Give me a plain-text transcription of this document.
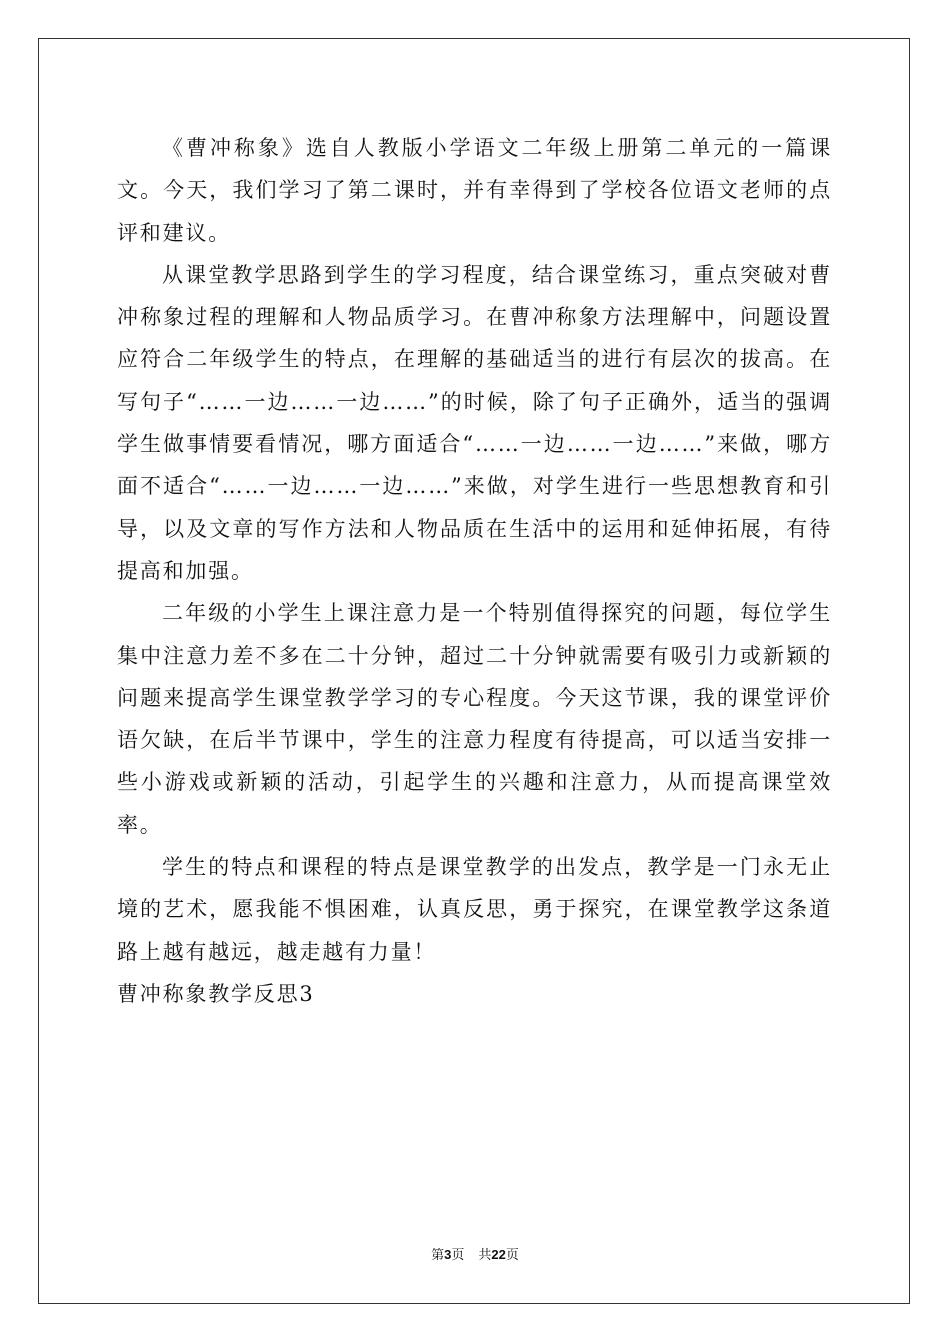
《曹冲称象》选自人教版小学语文二年级上册第二单元的一篇课文。今天，我们学习了第二课时，并有幸得到了学校各位语文老师的点评和建议。

从课堂教学思路到学生的学习程度，结合课堂练习，重点突破对曹冲称象过程的理解和人物品质学习。在曹冲称象方法理解中，问题设置应符合二年级学生的特点，在理解的基础适当的进行有层次的拔高。在写句子“……一边……一边……”的时候，除了句子正确外，适当的强调学生做事情要看情况，哪方面适合“……一边……一边……”来做，哪方面不适合“……一边……一边……”来做，对学生进行一些思想教育和引导，以及文章的写作方法和人物品质在生活中的运用和延伸拓展，有待提高和加强。

二年级的小学生上课注意力是一个特别值得探究的问题，每位学生集中注意力差不多在二十分钟，超过二十分钟就需要有吸引力或新颖的问题来提高学生课堂教学学习的专心程度。今天这节课，我的课堂评价语欠缺，在后半节课中，学生的注意力程度有待提高，可以适当安排一些小游戏或新颖的活动，引起学生的兴趣和注意力，从而提高课堂效率。

学生的特点和课程的特点是课堂教学的出发点，教学是一门永无止境的艺术，愿我能不惧困难，认真反思，勇于探究，在课堂教学这条道路上越有越远，越走越有力量！

曹冲称象教学反思3

第3页 共22页
